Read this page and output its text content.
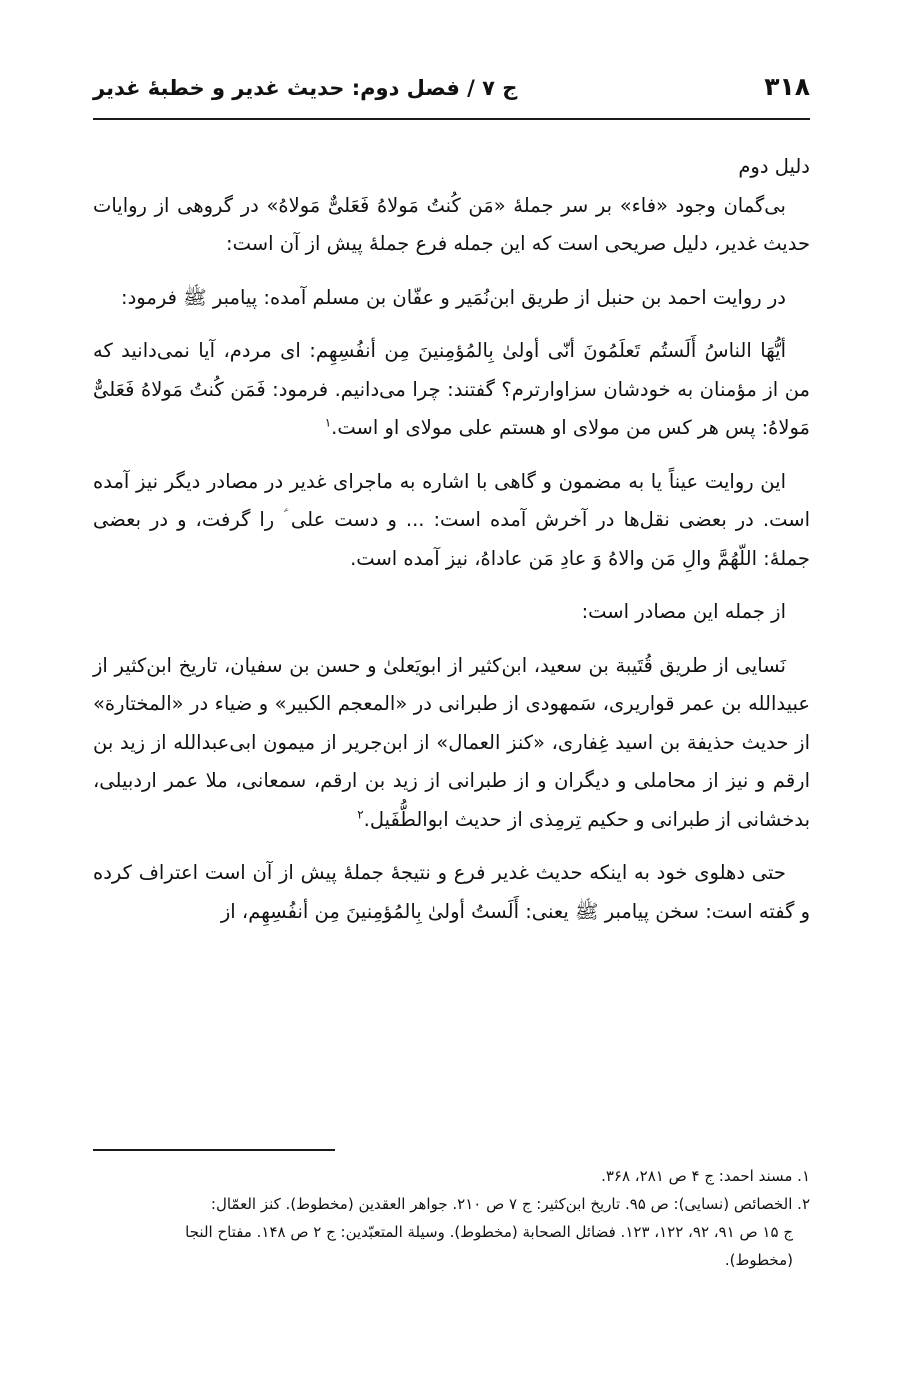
۳۱۸
ج ۷ / فصل دوم: حدیث غدیر و خطبهٔ غدیر

دلیل دوم

بی‌گمان وجود «فاء» بر سر جملهٔ «مَن کُنتُ مَولاهُ فَعَلیٌّ مَولاهُ» در گروهی از روایات حدیث غدیر، دلیل صریحی است که این جمله فرع جملهٔ پیش از آن است:

در روایت احمد بن حنبل از طریق ابن‌نُمَیر و عفّان بن مسلم آمده: پیامبر ﷺ فرمود:

أیُّهَا الناسُ أَلَستُم تَعلَمُونَ أنّی أولیٰ بِالمُؤمِنینَ مِن أنفُسِهِم: ای مردم، آیا نمی‌دانید که من از مؤمنان به خودشان سزاوارترم؟ گفتند: چرا می‌دانیم. فرمود: فَمَن کُنتُ مَولاهُ فَعَلیٌّ مَولاهُ: پس هر کس من مولای او هستم علی مولای او است.$^۱$

این روایت عیناً یا به مضمون و گاهی با اشاره به ماجرای غدیر در مصادر دیگر نیز آمده است. در بعضی نقل‌ها در آخرش آمده است: ... و دست علی ؑ را گرفت، و در بعضی جملهٔ: اللّهُمَّ والِ مَن والاهُ وَ عادِ مَن عاداهُ، نیز آمده است.

از جمله این مصادر است:

نَسایی از طریق قُتَیبة بن سعید، ابن‌کثیر از ابویَعلیٰ و حسن بن سفیان، تاریخ ابن‌کثیر از عبیدالله بن عمر قواریری، سَمهودی از طبرانی در «المعجم الکبیر» و ضیاء در «المختارة» از حدیث حذیفة بن اسید غِفاری، «کنز العمال» از ابن‌جریر از میمون ابی‌عبدالله از زید بن ارقم و نیز از محاملی و دیگران و از طبرانی از زید بن ارقم، سمعانی، ملا عمر اردبیلی، بدخشانی از طبرانی و حکیم تِرمِذی از حدیث ابوالطُّفَیل.$^۲$

حتی دهلوی خود به اینکه حدیث غدیر فرع و نتیجهٔ جملهٔ پیش از آن است اعتراف کرده و گفته است: سخن پیامبر ﷺ یعنی: أَلَستُ أولیٰ بِالمُؤمِنینَ مِن أنفُسِهِم، از

۱. مسند احمد: ج ۴ ص ۲۸۱، ۳۶۸.

۲. الخصائص (نسایی): ص ۹۵. تاریخ ابن‌کثیر: ج ۷ ص ۲۱۰. جواهر العقدین (مخطوط). کنز العمّال:

ج ۱۵ ص ۹۱، ۹۲، ۱۲۲، ۱۲۳. فضائل الصحابة (مخطوط). وسیلة المتعبّدین: ج ۲ ص ۱۴۸. مفتاح النجا

(مخطوط).
